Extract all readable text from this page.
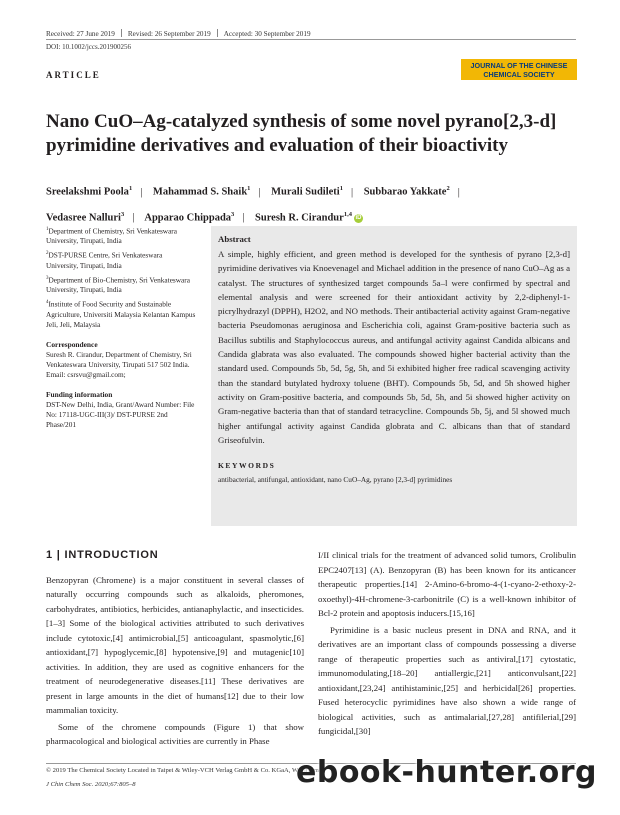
Received: 27 June 2019 Revised: 26 September 2019 Accepted: 30 September 2019
DOI: 10.1002/jccs.201900256
ARTICLE
JOURNAL OF THE CHINESE
CHEMICAL SOCIETY
Nano CuO–Ag-catalyzed synthesis of some novel pyrano[2,3-d]
pyrimidine derivatives and evaluation of their bioactivity
Sreelakshmi Poola$^1$ | Mahammad S. Shaik$^1$ | Murali Sudileti$^1$ | Subbarao Yakkate$^2$ |
Vedasree Nalluri$^3$ | Apparao Chippada$^3$ | Suresh R. Cirandur$^{1,4}$iD
$^1$Department of Chemistry, Sri Venkateswara University, Tirupati, India
$^2$DST-PURSE Centre, Sri Venkateswara University, Tirupati, India
$^3$Department of Bio-Chemistry, Sri Venkateswara University, Tirupati, India
$^4$Institute of Food Security and Sustainable Agriculture, Universiti Malaysia Kelantan Kampus Jeli, Jeli, Malaysia
Correspondence
Suresh R. Cirandur, Department of Chemistry, Sri Venkateswara University, Tirupati 517 502 India.
Email: csrsvu@gmail.com;
Funding information
DST-New Delhi, India, Grant/Award Number: File No: 17118-UGC-III(3)/ DST-PURSE 2nd Phase/201
Abstract
A simple, highly efficient, and green method is developed for the synthesis of pyrano [2,3-d] pyrimidine derivatives via Knoevenagel and Michael addition in the presence of nano CuO–Ag as a catalyst. The structures of synthesized target compounds 5a–l were confirmed by spectral and elemental analysis and were screened for their antioxidant activity by 2,2-diphenyl-1-picrylhydrazyl (DPPH), H2O2, and NO methods. Their antibacterial activity against Gram-negative bacteria Pseudomonas aeruginosa and Escherichia coli, against Gram-positive bacteria such as Bacillus subtilis and Staphylococcus aureus, and antifungal activity against Candida albicans and Candida glabrata was also evaluated. The compounds showed higher bacterial activity than the standard used. Compounds 5b, 5d, 5g, 5h, and 5i exhibited higher free radical scavenging activity than the standard butylated hydroxy toluene (BHT). Compounds 5b, 5d, and 5h showed higher activity on Gram-positive bacteria, and compounds 5b, 5d, 5h, and 5i showed higher activity on Gram-negative bacteria than that of standard tetracycline. Compounds 5b, 5j, and 5l showed much higher antifungal activity against Candida globrata and C. albicans than that of standard Griseofulvin.
KEYWORDS
antibacterial, antifungal, antioxidant, nano CuO–Ag, pyrano [2,3-d] pyrimidines
1 | INTRODUCTION

Benzopyran (Chromene) is a major constituent in several classes of naturally occurring compounds such as alkaloids, pheromones, carbohydrates, antibiotics, herbicides, antianaphylactic, and insecticides.[1–3] Some of the biological activities attributed to such derivatives include cytotoxic,[4] antimicrobial,[5] anticoagulant, spasmolytic,[6] antioxidant,[7] hypoglycemic,[8] hypotensive,[9] and mutagenic[10] activities. In addition, they are used as cognitive enhancers for the treatment of neurodegenerative diseases.[11] These derivatives are present in large amounts in the diet of humans[12] due to their low mammalian toxicity.

Some of the chromene compounds (Figure 1) that show pharmacological and biological activities are currently in Phase

I/II clinical trials for the treatment of advanced solid tumors, Crolibulin EPC2407[13] (A). Benzopyran (B) has been known for its anticancer therapeutic properties.[14] 2-Amino-6-bromo-4-(1-cyano-2-ethoxy-2-oxoethyl)-4H-chromene-3-carbonitrile (C) is a well-known inhibitor of Bcl-2 protein and apoptosis inducers.[15,16]

Pyrimidine is a basic nucleus present in DNA and RNA, and it derivatives are an important class of compounds possessing a diverse range of therapeutic properties such as antiviral,[17] cytostatic, immunomodulating,[18–20] antiallergic,[21] anticonvulsant,[22] antioxidant,[23,24] antihistaminic,[25] and herbicidal[26] properties. Fused heterocyclic pyrimidines have also shown a wide range of biological activities, such as antimalarial,[27,28] antifilerial,[29] fungicidal,[30]

© 2019 The Chemical Society Located in Taipei & Wiley-VCH Verlag GmbH & Co. KGaA, Weinheim
J Chin Chem Soc. 2020;67:805–8	ebook-hunter.org
